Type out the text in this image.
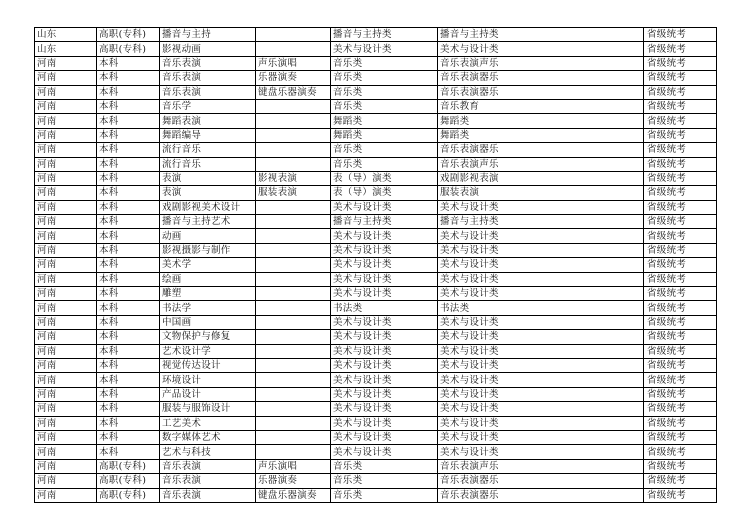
山东	高职(专科)	播音与主持		播音与主持类	播音与主持类	省级统考
山东	高职(专科)	影视动画		美术与设计类	美术与设计类	省级统考
河南	本科	音乐表演	声乐演唱	音乐类	音乐表演声乐	省级统考
河南	本科	音乐表演	乐器演奏	音乐类	音乐表演器乐	省级统考
河南	本科	音乐表演	键盘乐器演奏	音乐类	音乐表演器乐	省级统考
河南	本科	音乐学		音乐类	音乐教育	省级统考
河南	本科	舞蹈表演		舞蹈类	舞蹈类	省级统考
河南	本科	舞蹈编导		舞蹈类	舞蹈类	省级统考
河南	本科	流行音乐		音乐类	音乐表演器乐	省级统考
河南	本科	流行音乐		音乐类	音乐表演声乐	省级统考
河南	本科	表演	影视表演	表（导）演类	戏剧影视表演	省级统考
河南	本科	表演	服装表演	表（导）演类	服装表演	省级统考
河南	本科	戏剧影视美术设计		美术与设计类	美术与设计类	省级统考
河南	本科	播音与主持艺术		播音与主持类	播音与主持类	省级统考
河南	本科	动画		美术与设计类	美术与设计类	省级统考
河南	本科	影视摄影与制作		美术与设计类	美术与设计类	省级统考
河南	本科	美术学		美术与设计类	美术与设计类	省级统考
河南	本科	绘画		美术与设计类	美术与设计类	省级统考
河南	本科	雕塑		美术与设计类	美术与设计类	省级统考
河南	本科	书法学		书法类	书法类	省级统考
河南	本科	中国画		美术与设计类	美术与设计类	省级统考
河南	本科	文物保护与修复		美术与设计类	美术与设计类	省级统考
河南	本科	艺术设计学		美术与设计类	美术与设计类	省级统考
河南	本科	视觉传达设计		美术与设计类	美术与设计类	省级统考
河南	本科	环境设计		美术与设计类	美术与设计类	省级统考
河南	本科	产品设计		美术与设计类	美术与设计类	省级统考
河南	本科	服装与服饰设计		美术与设计类	美术与设计类	省级统考
河南	本科	工艺美术		美术与设计类	美术与设计类	省级统考
河南	本科	数字媒体艺术		美术与设计类	美术与设计类	省级统考
河南	本科	艺术与科技		美术与设计类	美术与设计类	省级统考
河南	高职(专科)	音乐表演	声乐演唱	音乐类	音乐表演声乐	省级统考
河南	高职(专科)	音乐表演	乐器演奏	音乐类	音乐表演器乐	省级统考
河南	高职(专科)	音乐表演	键盘乐器演奏	音乐类	音乐表演器乐	省级统考
